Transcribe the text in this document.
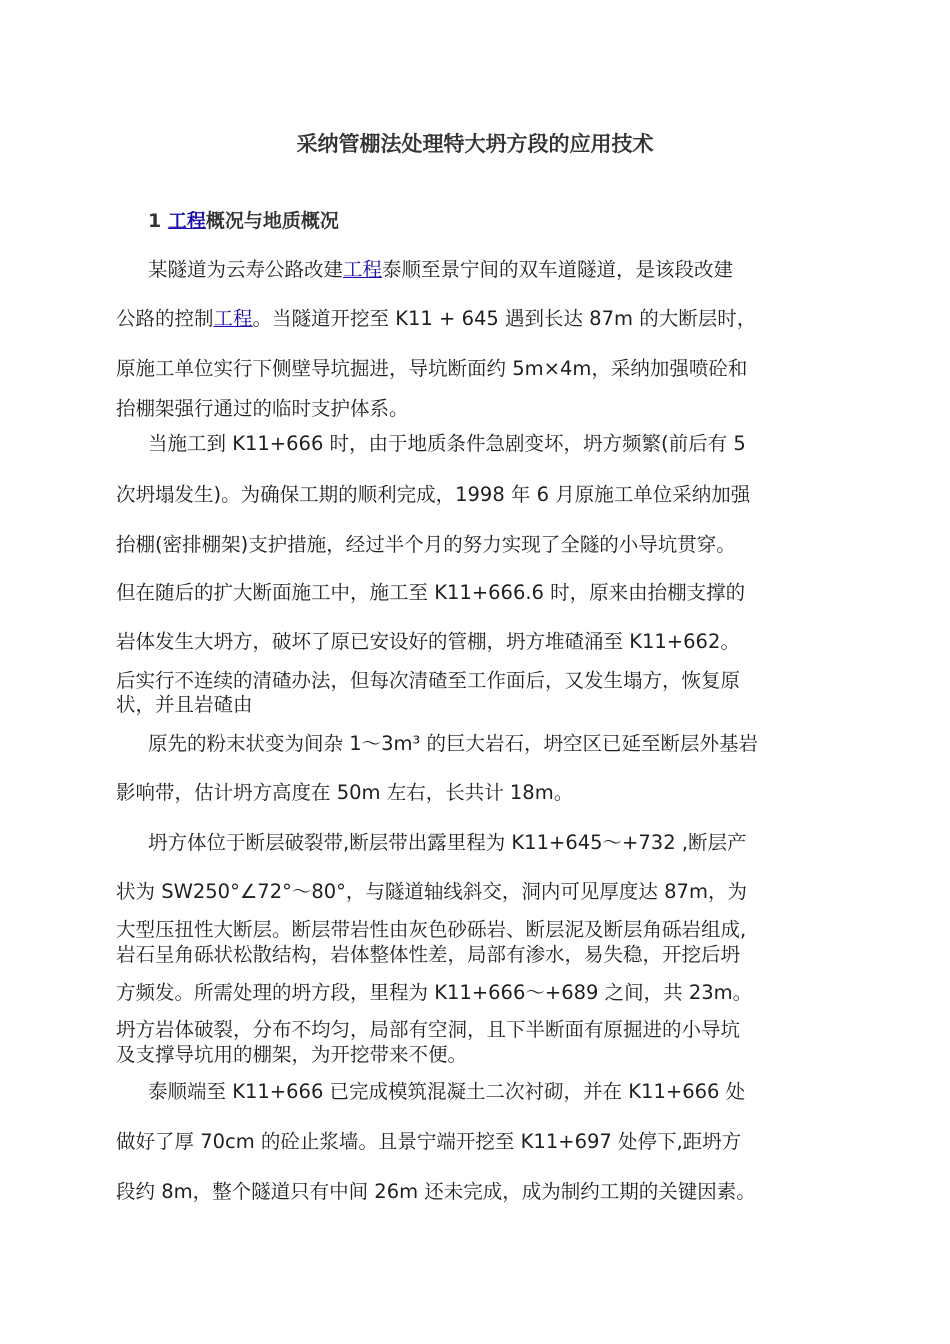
采纳管棚法处理特大坍方段的应用技术
1 工程概况与地质概况
某隧道为云寿公路改建工程泰顺至景宁间的双车道隧道，是该段改建
公路的控制工程。当隧道开挖至 K11 + 645 遇到长达 87m 的大断层时，
原施工单位实行下侧壁导坑掘进，导坑断面约 5m×4m，采纳加强喷砼和
抬棚架强行通过的临时支护体系。
当施工到 K11+666 时，由于地质条件急剧变坏，坍方频繁(前后有 5
次坍塌发生)。为确保工期的顺利完成，1998 年 6 月原施工单位采纳加强
抬棚(密排棚架)支护措施，经过半个月的努力实现了全隧的小导坑贯穿。
但在随后的扩大断面施工中，施工至 K11+666.6 时，原来由抬棚支撑的
岩体发生大坍方，破坏了原已安设好的管棚，坍方堆碴涌至 K11+662。
后实行不连续的清碴办法，但每次清碴至工作面后，又发生塌方，恢复原
状，并且岩碴由
原先的粉末状变为间杂 1～3m³ 的巨大岩石，坍空区已延至断层外基岩
影响带，估计坍方高度在 50m 左右，长共计 18m。
坍方体位于断层破裂带,断层带出露里程为 K11+645～+732 ,断层产
状为 SW250°∠72°～80°，与隧道轴线斜交，洞内可见厚度达 87m，为
大型压扭性大断层。断层带岩性由灰色砂砾岩、断层泥及断层角砾岩组成,
岩石呈角砾状松散结构，岩体整体性差，局部有渗水，易失稳，开挖后坍
方频发。所需处理的坍方段，里程为 K11+666～+689 之间，共 23m。
坍方岩体破裂，分布不均匀，局部有空洞，且下半断面有原掘进的小导坑
及支撑导坑用的棚架，为开挖带来不便。
泰顺端至 K11+666 已完成模筑混凝土二次衬砌，并在 K11+666 处
做好了厚 70cm 的砼止浆墙。且景宁端开挖至 K11+697 处停下,距坍方
段约 8m，整个隧道只有中间 26m 还未完成，成为制约工期的关键因素。
